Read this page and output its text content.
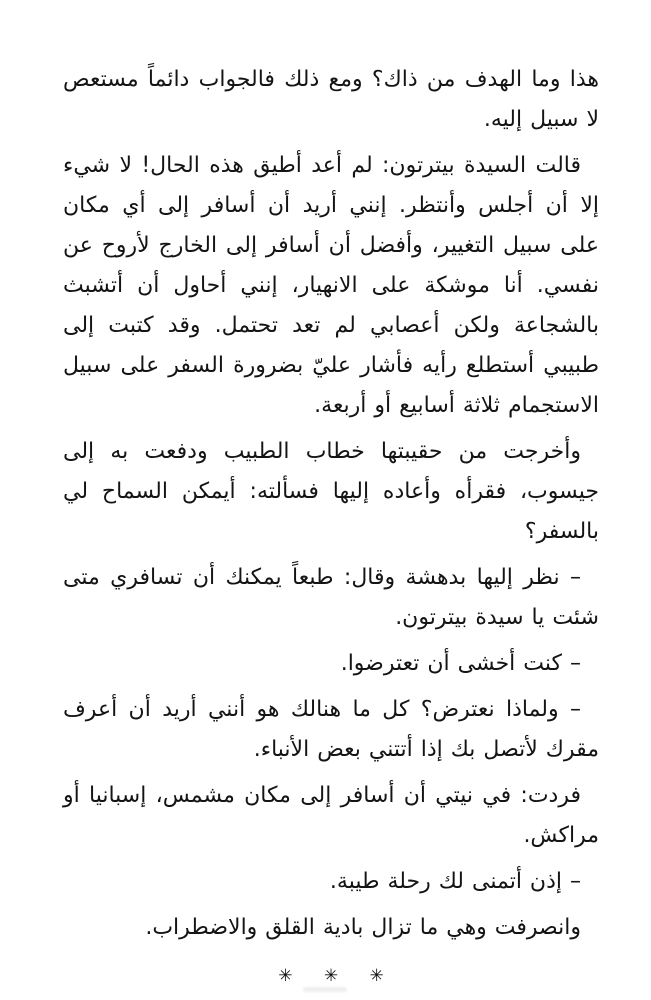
هذا وما الهدف من ذاك؟ ومع ذلك فالجواب دائماً مستعص لا سبيل إليه.

قالت السيدة بيترتون: لم أعد أطيق هذه الحال! لا شيء إلا أن أجلس وأنتظر. إنني أريد أن أسافر إلى أي مكان على سبيل التغيير، وأفضل أن أسافر إلى الخارج لأروح عن نفسي. أنا موشكة على الانهيار، إنني أحاول أن أتشبث بالشجاعة ولكن أعصابي لم تعد تحتمل. وقد كتبت إلى طبيبي أستطلع رأيه فأشار عليّ بضرورة السفر على سبيل الاستجمام ثلاثة أسابيع أو أربعة.

وأخرجت من حقيبتها خطاب الطبيب ودفعت به إلى جيسوب، فقرأه وأعاده إليها فسألته: أيمكن السماح لي بالسفر؟

– نظر إليها بدهشة وقال: طبعاً يمكنك أن تسافري متى شئت يا سيدة بيترتون.

– كنت أخشى أن تعترضوا.

– ولماذا نعترض؟ كل ما هنالك هو أنني أريد أن أعرف مقرك لأتصل بك إذا أتتني بعض الأنباء.

فردت: في نيتي أن أسافر إلى مكان مشمس، إسبانيا أو مراكش.

– إذن أتمنى لك رحلة طيبة.

وانصرفت وهي ما تزال بادية القلق والاضطراب.

✳ ✳ ✳
